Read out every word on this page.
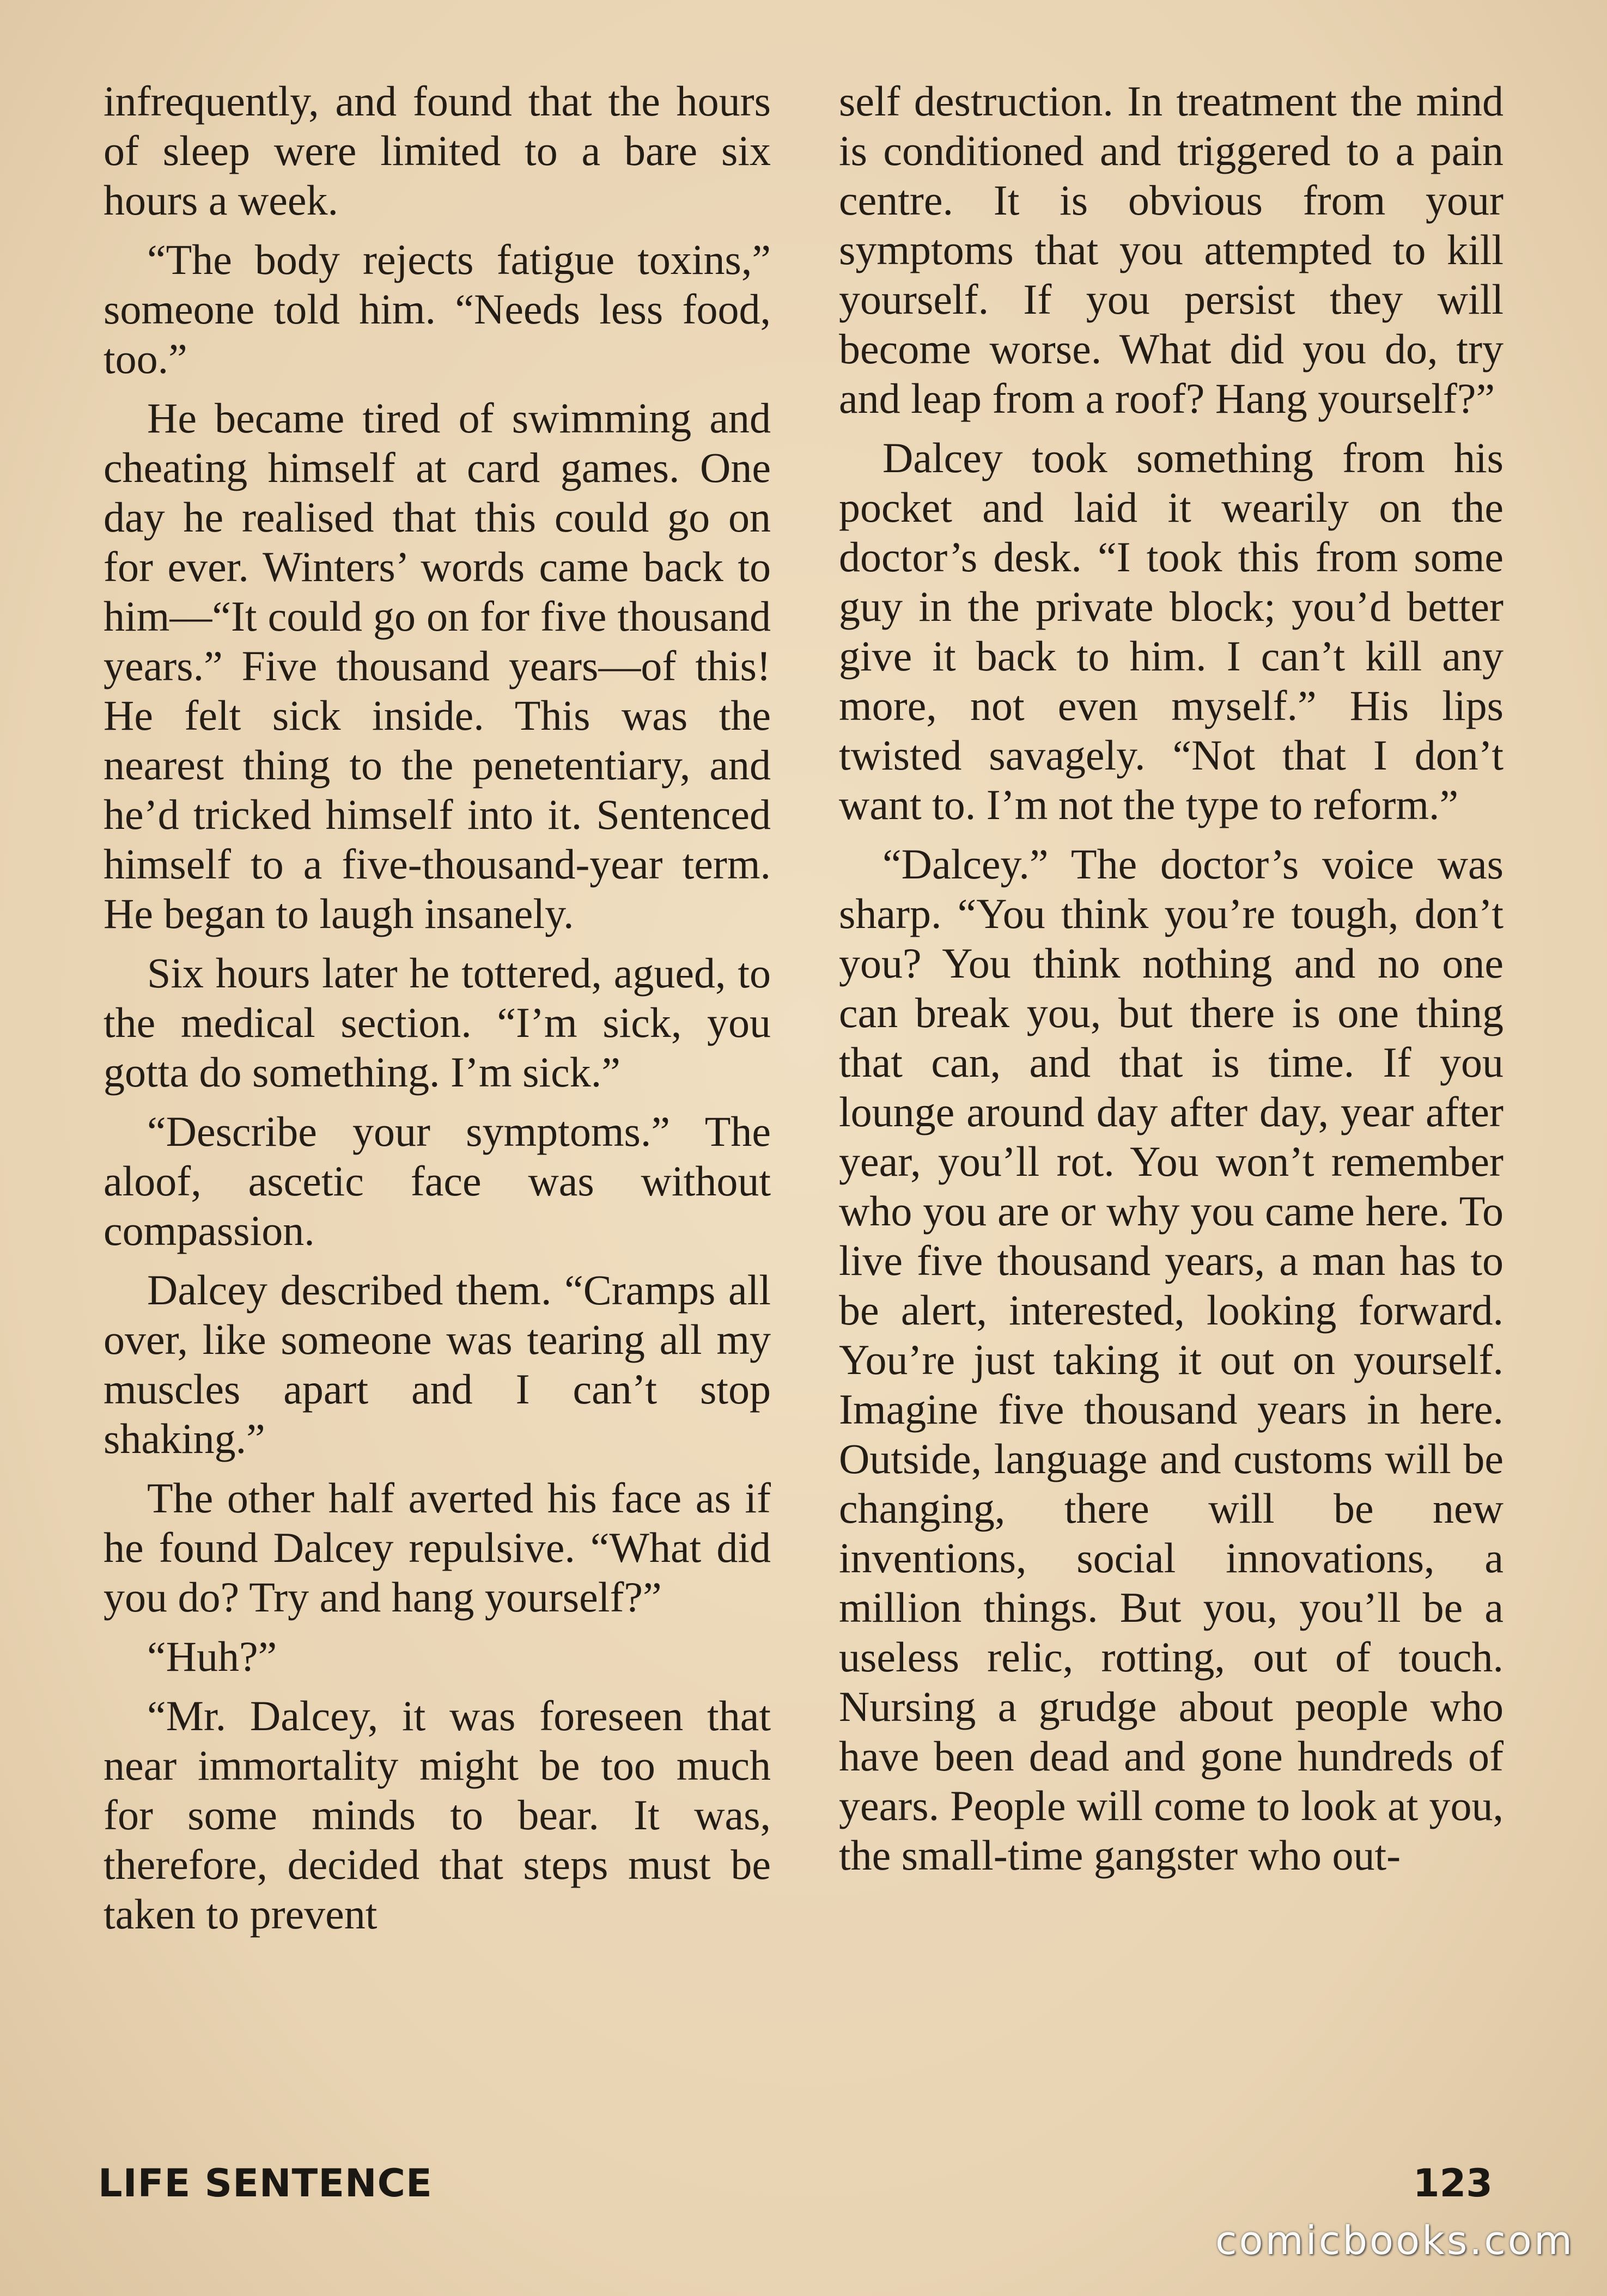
infrequently, and found that the hours of sleep were limited to a bare six hours a week.

“The body rejects fatigue toxins,” someone told him. “Needs less food, too.”

He became tired of swimming and cheating himself at card games. One day he realised that this could go on for ever. Winters’ words came back to him—“It could go on for five thousand years.” Five thousand years—of this! He felt sick inside. This was the nearest thing to the penetentiary, and he’d tricked himself into it. Sentenced himself to a five-thousand-year term. He began to laugh insanely.

Six hours later he tottered, agued, to the medical section. “I’m sick, you gotta do something. I’m sick.”

“Describe your symptoms.” The aloof, ascetic face was without compassion.

Dalcey described them. “Cramps all over, like someone was tearing all my muscles apart and I can’t stop shaking.”

The other half averted his face as if he found Dalcey repulsive. “What did you do? Try and hang yourself?”

“Huh?”

“Mr. Dalcey, it was foreseen that near immortality might be too much for some minds to bear. It was, therefore, decided that steps must be taken to prevent

self destruction. In treatment the mind is conditioned and triggered to a pain centre. It is obvious from your symptoms that you attempted to kill yourself. If you persist they will become worse. What did you do, try and leap from a roof? Hang yourself?”

Dalcey took something from his pocket and laid it wearily on the doctor’s desk. “I took this from some guy in the private block; you’d better give it back to him. I can’t kill any more, not even myself.” His lips twisted savagely. “Not that I don’t want to. I’m not the type to reform.”

“Dalcey.” The doctor’s voice was sharp. “You think you’re tough, don’t you? You think nothing and no one can break you, but there is one thing that can, and that is time. If you lounge around day after day, year after year, you’ll rot. You won’t remember who you are or why you came here. To live five thousand years, a man has to be alert, interested, looking forward. You’re just taking it out on yourself. Imagine five thousand years in here. Outside, language and customs will be changing, there will be new inventions, social innovations, a million things. But you, you’ll be a useless relic, rotting, out of touch. Nursing a grudge about people who have been dead and gone hundreds of years. People will come to look at you, the small-time gangster who out-

LIFE SENTENCE	123
comicbooks.com
